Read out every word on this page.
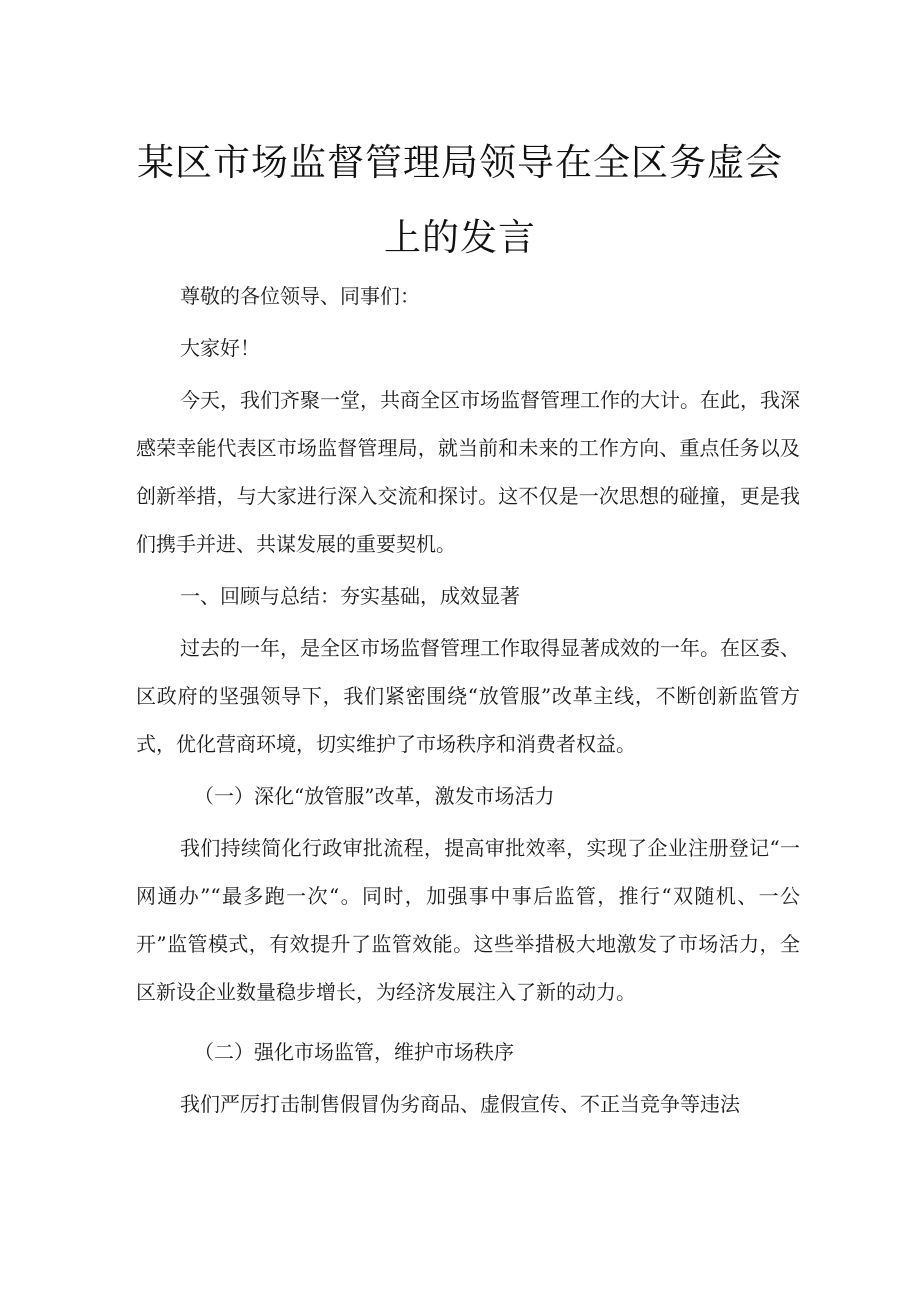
某区市场监督管理局领导在全区务虚会
上的发言

尊敬的各位领导、同事们：

大家好！

今天，我们齐聚一堂，共商全区市场监督管理工作的大计。在此，我深感荣幸能代表区市场监督管理局，就当前和未来的工作方向、重点任务以及创新举措，与大家进行深入交流和探讨。这不仅是一次思想的碰撞，更是我们携手并进、共谋发展的重要契机。

一、回顾与总结：夯实基础，成效显著

过去的一年，是全区市场监督管理工作取得显著成效的一年。在区委、区政府的坚强领导下，我们紧密围绕“放管服”改革主线，不断创新监管方式，优化营商环境，切实维护了市场秩序和消费者权益。

（一）深化“放管服”改革，激发市场活力

我们持续简化行政审批流程，提高审批效率，实现了企业注册登记“一网通办”“最多跑一次“。同时，加强事中事后监管，推行“双随机、一公开”监管模式，有效提升了监管效能。这些举措极大地激发了市场活力，全区新设企业数量稳步增长，为经济发展注入了新的动力。

（二）强化市场监管，维护市场秩序

我们严厉打击制售假冒伪劣商品、虚假宣传、不正当竞争等违法
